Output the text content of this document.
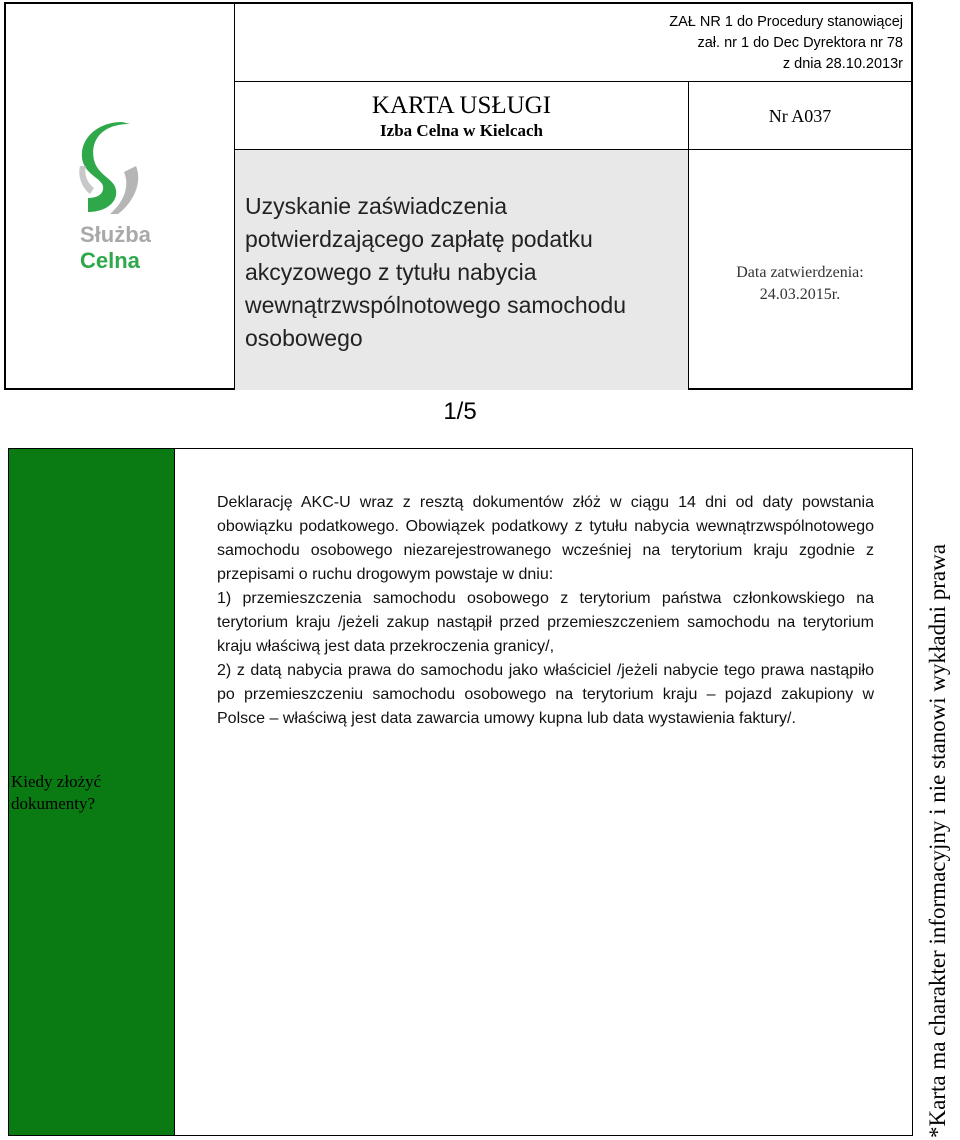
Służba
Celna
ZAŁ NR 1 do Procedury stanowiącej
zał. nr 1 do Dec Dyrektora nr 78
z dnia 28.10.2013r
KARTA USŁUGI
Izba Celna w Kielcach
Nr A037
Uzyskanie zaświadczenia potwierdzającego zapłatę podatku akcyzowego z tytułu nabycia wewnątrzwspólnotowego samochodu osobowego
Data zatwierdzenia:
24.03.2015r.
1/5
Kiedy złożyć dokumenty?

Deklarację AKC-U wraz z resztą dokumentów złóż w ciągu 14 dni od daty powstania obowiązku podatkowego. Obowiązek podatkowy z tytułu nabycia wewnątrzwspólnotowego samochodu osobowego niezarejestrowanego wcześniej na terytorium kraju zgodnie z przepisami o ruchu drogowym powstaje w dniu:

1) przemieszczenia samochodu osobowego z terytorium państwa członkowskiego na terytorium kraju /jeżeli zakup nastąpił przed przemieszczeniem samochodu na terytorium kraju właściwą jest data przekroczenia granicy/,

2) z datą nabycia prawa do samochodu jako właściciel /jeżeli nabycie tego prawa nastąpiło po przemieszczeniu samochodu osobowego na terytorium kraju – pojazd zakupiony w Polsce – właściwą jest data zawarcia umowy kupna lub data wystawienia faktury/.	*Karta ma charakter informacyjny i nie stanowi wykładni prawa
